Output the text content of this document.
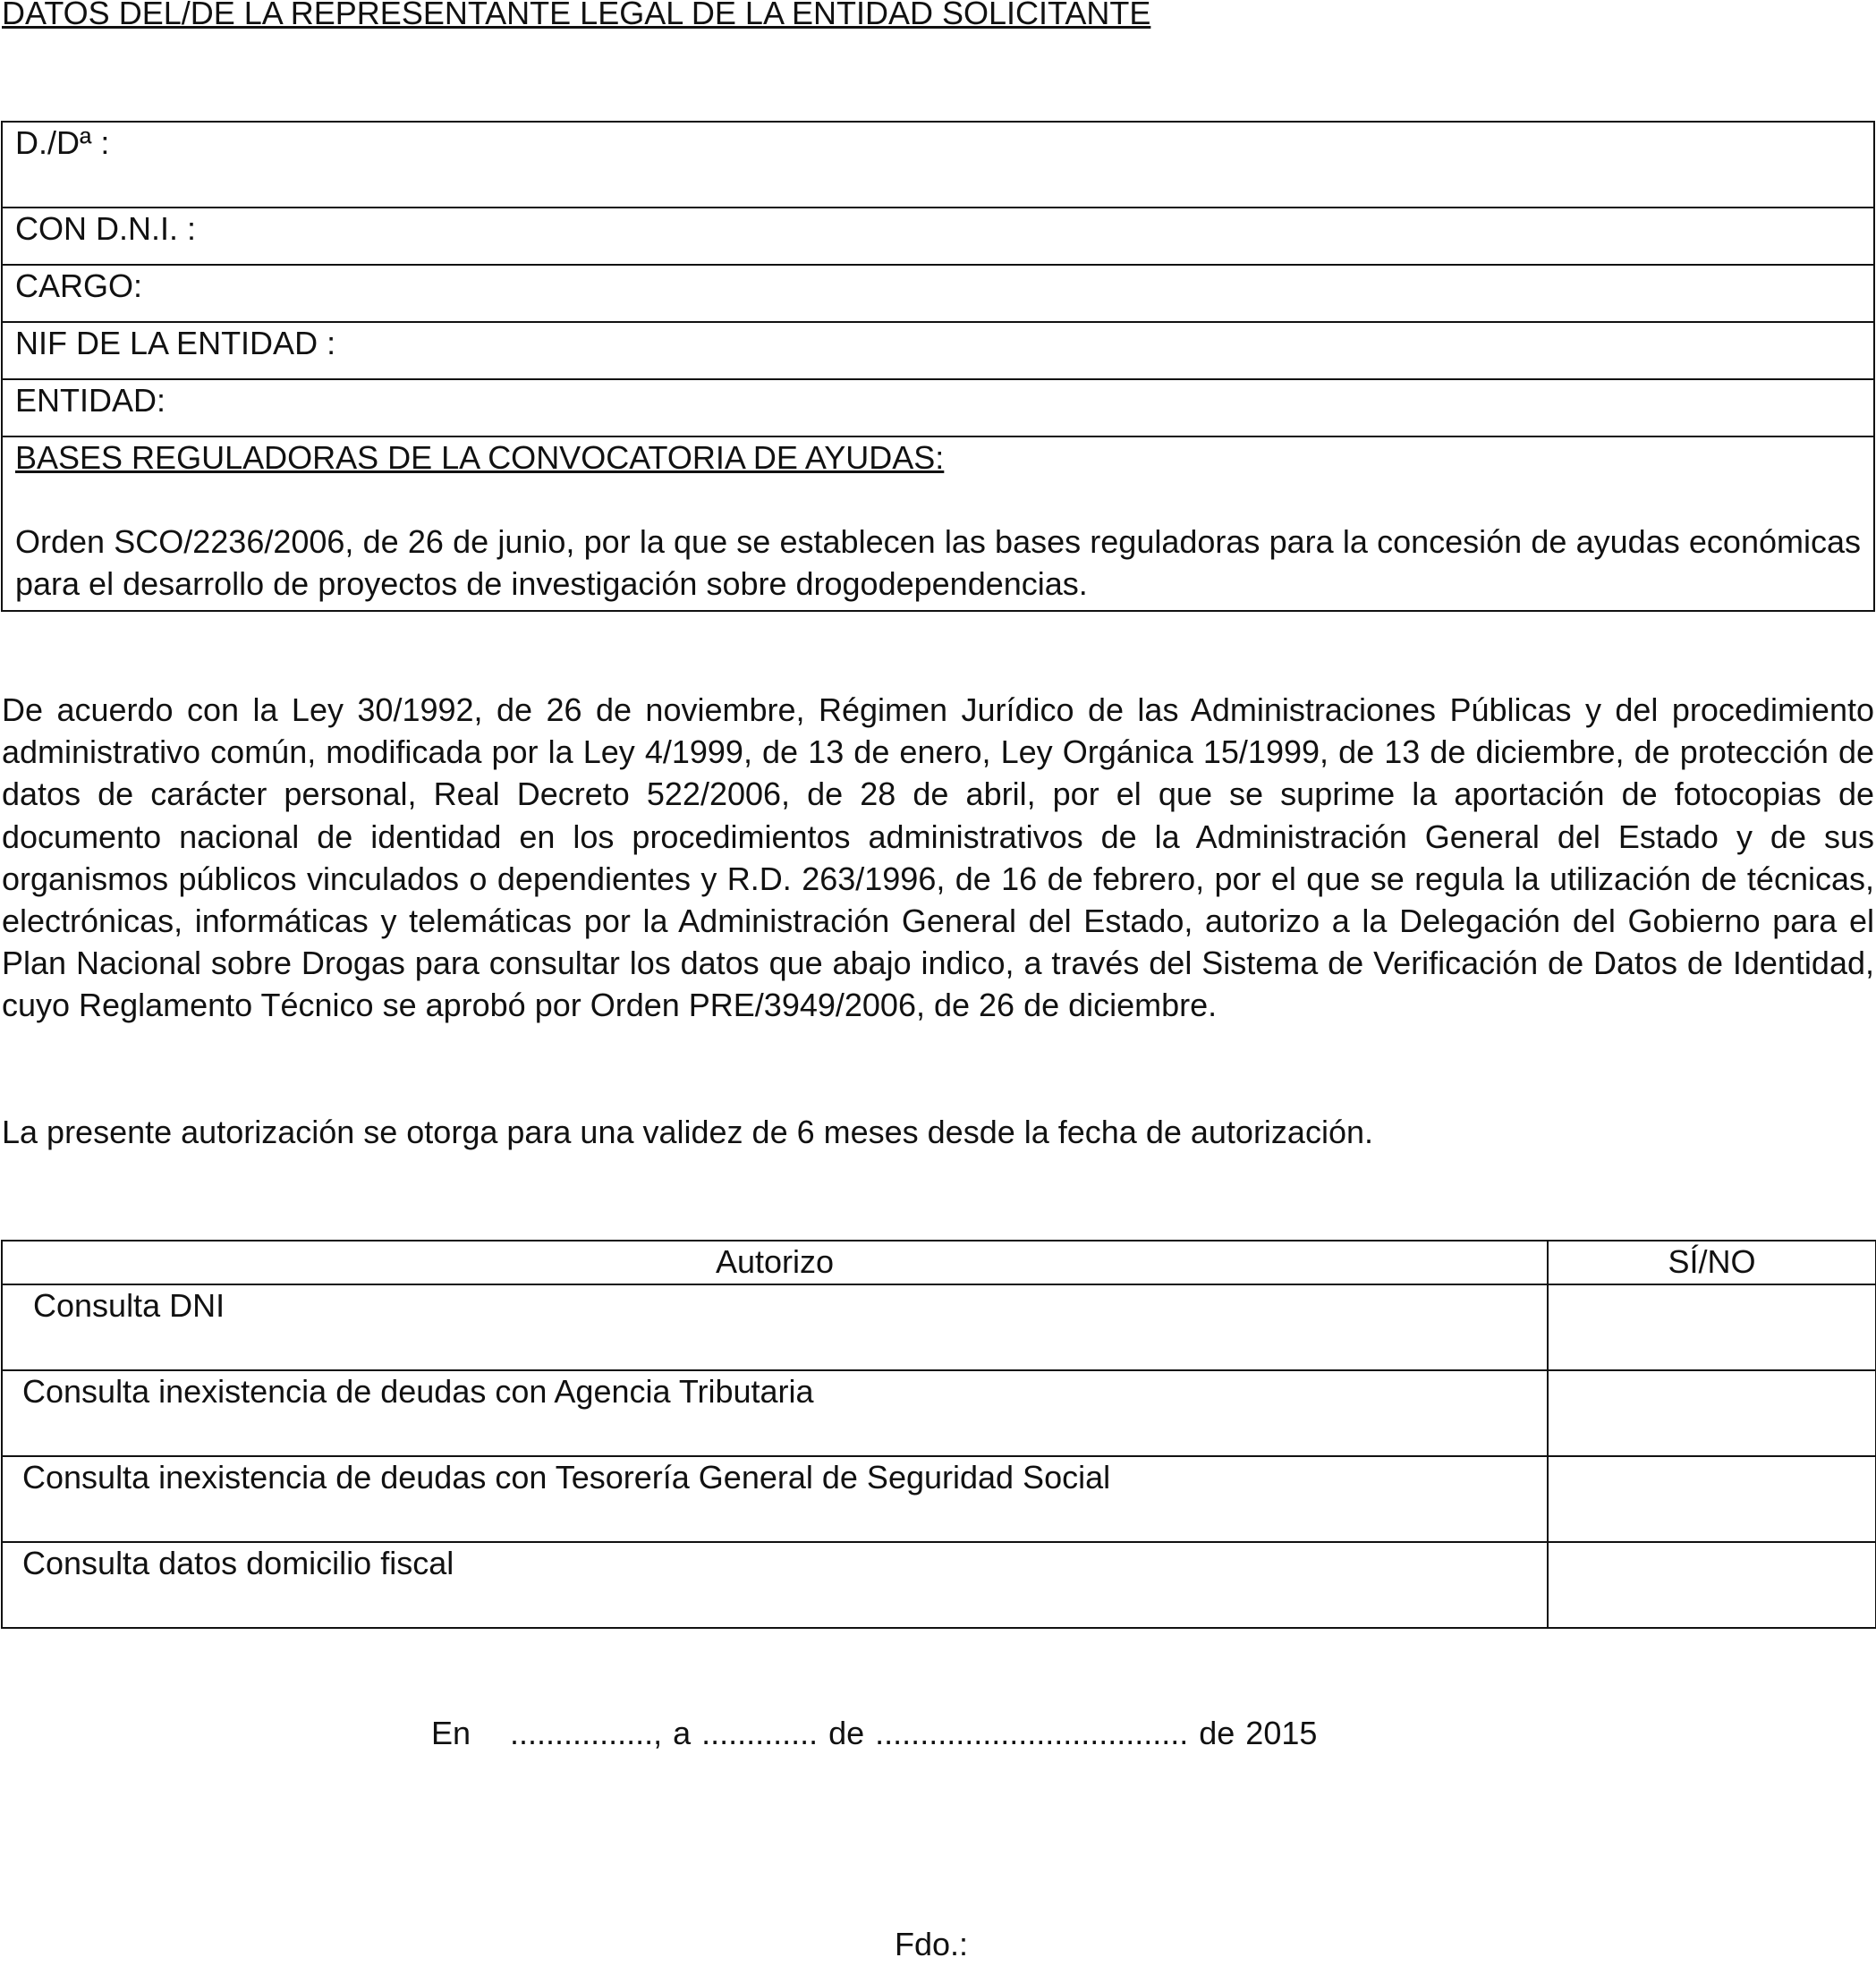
DATOS DEL/DE LA REPRESENTANTE LEGAL DE LA ENTIDAD SOLICITANTE
D./Dª :
CON D.N.I. :
CARGO:
NIF DE LA ENTIDAD :
ENTIDAD:

BASES REGULADORAS DE LA CONVOCATORIA DE AYUDAS:
Orden SCO/2236/2006, de 26 de junio, por la que se establecen las bases reguladoras para la concesión de ayudas económicas para el desarrollo de proyectos de investigación sobre drogodependencias.

De acuerdo con la Ley 30/1992, de 26 de noviembre, Régimen Jurídico de las Administraciones Públicas y del procedimiento administrativo común, modificada por la Ley 4/1999, de 13 de enero, Ley Orgánica 15/1999, de 13 de diciembre, de protección de datos de carácter personal, Real Decreto 522/2006, de 28 de abril, por el que se suprime la aportación de fotocopias de documento nacional de identidad en los procedimientos administrativos de la Administración General del Estado y de sus organismos públicos vinculados o dependientes y R.D. 263/1996, de 16 de febrero, por el que se regula la utilización de técnicas, electrónicas, informáticas y telemáticas por la Administración General del Estado, autorizo a la Delegación del Gobierno para el Plan Nacional sobre Drogas para consultar los datos que abajo indico, a través del Sistema de Verificación de Datos de Identidad, cuyo Reglamento Técnico se aprobó por Orden PRE/3949/2006, de 26 de diciembre.

La presente autorización se otorga para una validez de 6 meses desde la fecha de autorización.

Autorizo	SÍ/NO
Consulta DNI	
Consulta inexistencia de deudas con Agencia Tributaria	
Consulta inexistencia de deudas con Tesorería General de Seguridad Social	
Consulta datos domicilio fiscal	

En ................, a ............. de ................................... de 2015

Fdo.:
